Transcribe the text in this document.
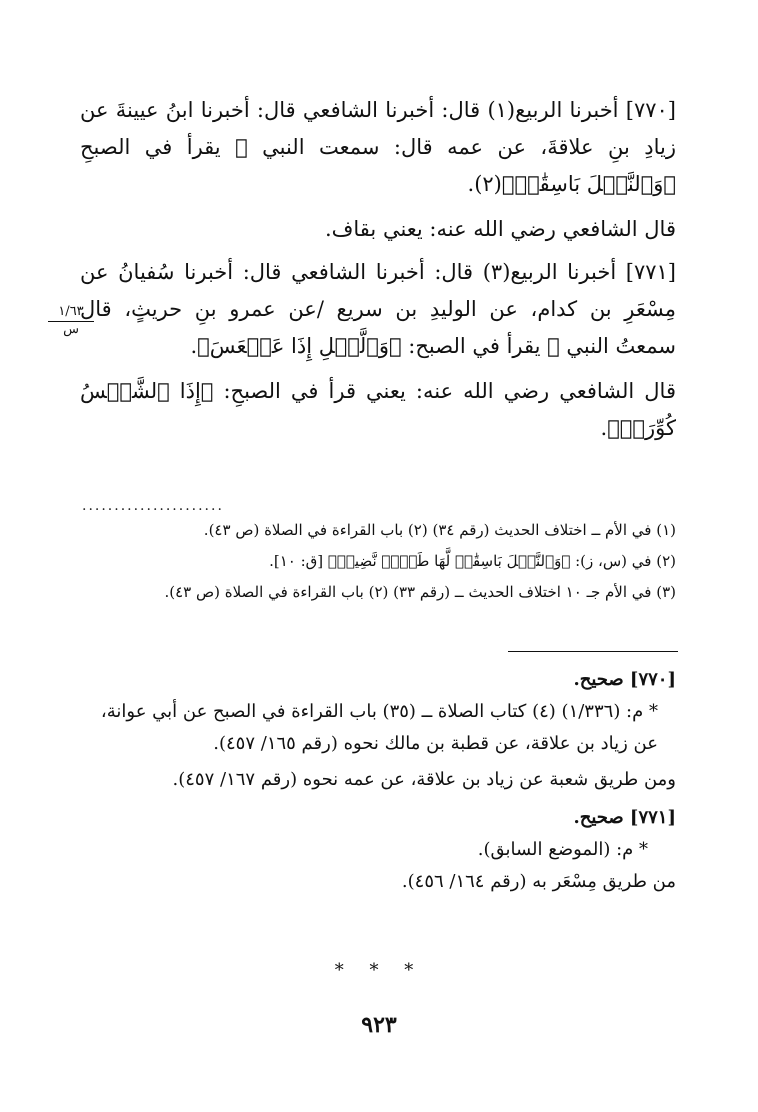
[٧٧٠] أخبرنا الربيع(١) قال: أخبرنا الشافعي قال: أخبرنا ابنُ عيينةَ عن زيادِ بنِ علاقةَ، عن عمه قال: سمعت النبي ﷺ يقرأ في الصبحِ ﴿وَٱلنَّخۡلَ بَاسِقَٰتٖ﴾(٢).

قال الشافعي رضي الله عنه: يعني بقاف.

[٧٧١] أخبرنا الربيع(٣) قال: أخبرنا الشافعي قال: أخبرنا سُفيانُ عن مِسْعَرِ بن كدام، عن الوليدِ بن سريع /عن عمرو بنِ حريثٍ، قال سمعتُ النبي ﷺ يقرأ في الصبح: ﴿وَٱلَّيۡلِ إِذَا عَسۡعَسَ﴾.

قال الشافعي رضي الله عنه: يعني قرأ في الصبحِ: ﴿إِذَا ٱلشَّمۡسُ كُوِّرَتۡ﴾.

١/٦٣
س
......................

(١) في الأم ــ اختلاف الحديث (رقم ٣٤) (٢) باب القراءة في الصلاة (ص ٤٣).

(٢) في (س، ز): ﴿وَٱلنَّخۡلَ بَاسِقَٰتٖ لَّهَا طَلۡعٞ نَّضِيدٞ﴾ [ق: ١٠].

(٣) في الأم جـ ١٠ اختلاف الحديث ــ (رقم ٣٣) (٢) باب القراءة في الصلاة (ص ٤٣).

[٧٧٠] صحيح.

* م: (١/٣٣٦) (٤) كتاب الصلاة ــ (٣٥) باب القراءة في الصبح عن أبي عوانة، عن زياد بن علاقة، عن قطبة بن مالك نحوه (رقم ١٦٥/ ٤٥٧).

ومن طريق شعبة عن زياد بن علاقة، عن عمه نحوه (رقم ١٦٧/ ٤٥٧).

[٧٧١] صحيح.

* م: (الموضع السابق).

من طريق مِسْعَر به (رقم ١٦٤/ ٤٥٦).

* * *
٩٢٣
